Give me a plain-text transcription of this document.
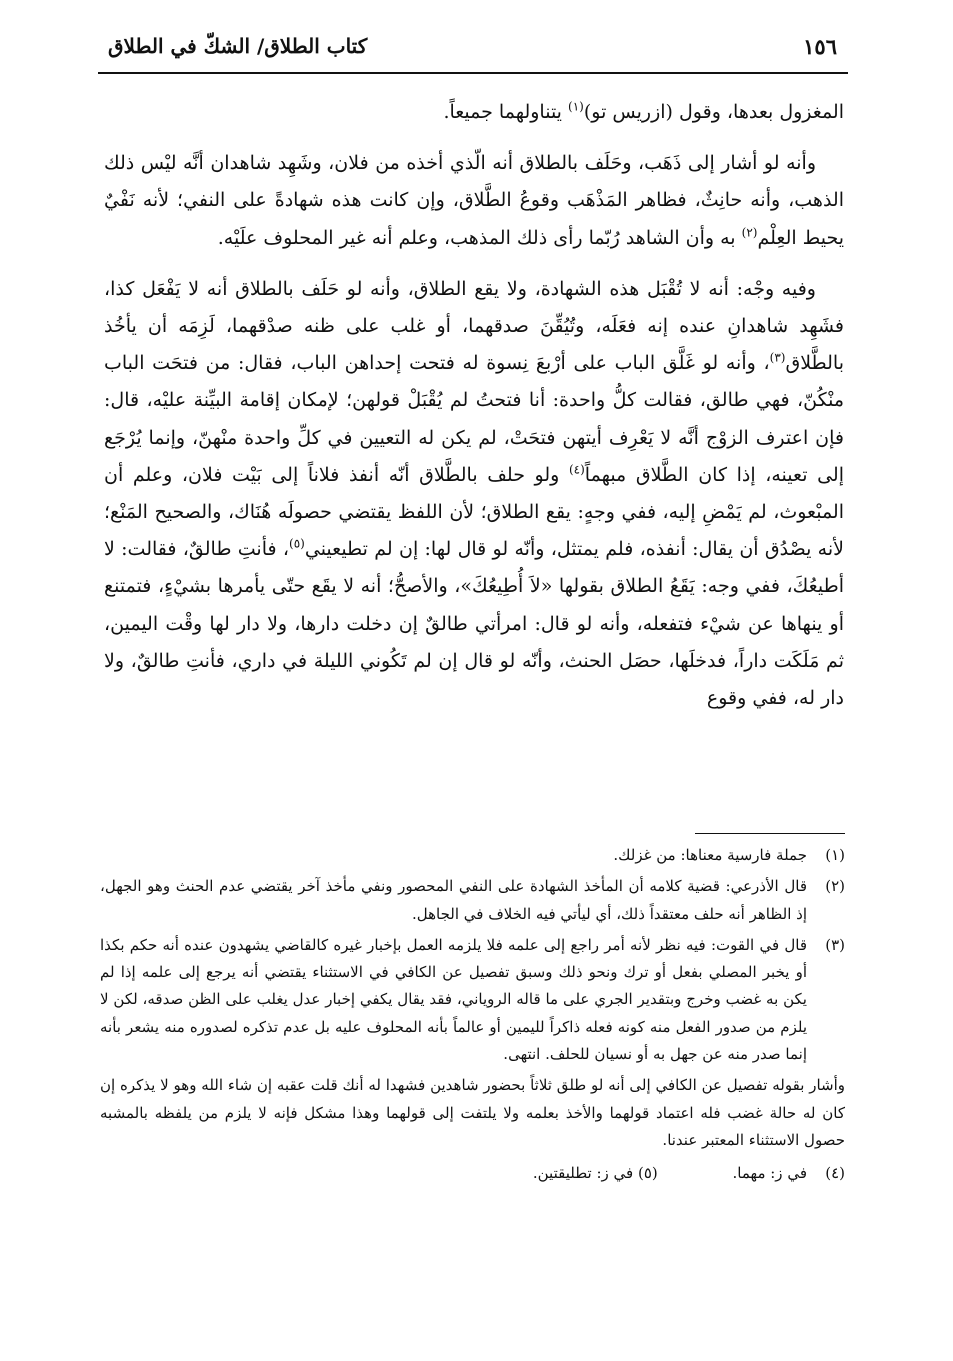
١٥٦
كتاب الطلاق/ الشكّ في الطلاق

المغزول بعدها، وقول (ازريس تو)$^{(١)}$ يتناولهما جميعاً.

وأنه لو أشار إلى ذَهَب، وحَلَف بالطلاق أنه الّذي أخذه من فلان، وشَهِد شاهدان أنَّه ليْس ذلك الذهب، وأنه حانِثٌ، فظاهر المَذْهَب وقوعُ الطَّلاق، وإن كانت هذه شهادةً على النفي؛ لأنه نَفْيٌ يحيط العِلْم$^{(٢)}$ به وأن الشاهد رُبّما رأى ذلك المذهب، وعلم أنه غير المحلوف علَيْه.

وفيه وجْه: أنه لا تُقْبَل هذه الشهادة، ولا يقع الطلاق، وأنه لو حَلَف بالطلاق أنه لا يَفْعَل كذا، فشَهِد شاهدانِ عنده إنه فعَلَه، وتُيُقِّنَ صدقهما، أو غلب على ظنه صدْقهما، لَزِمَه أن يأخُذ بالطَّلاق$^{(٣)}$، وأنه لو غَلَّق الباب على أرْبعَ نِسوة له فتحت إحداهن الباب، فقال: من فتحَت الباب منْكُنّ، فهي طالق، فقالت كلُّ واحدة: أنا فتحتُ لم يُقْبَلْ قولهن؛ لإمكان إقامة البيِّنة عليْه، قال: فإن اعترف الزوْج أنَّه لا يَعْرِف أيتهن فتحَتْ، لم يكن له التعيين في كلِّ واحدة منْهنّ، وإنما يُرْجَع إلى تعينه، إذا كان الطَّلاق مبهماً$^{(٤)}$ ولو حلف بالطَّلاق أنّه أنفذ فلاناً إلى بَيْت فلان، وعلم أن المبْعوث، لم يَمْضِ إليه، ففي وجهٍ: يقع الطلاق؛ لأن اللفظ يقتضي حصولَه هُنَاك، والصحيح المَنْع؛ لأنه يصْدُق أن يقال: أنفذه، فلم يمتثل، وأنّه لو قال لها: إن لم تطيعيني$^{(٥)}$، فأنتِ طالقٌ، فقالت: لا أطيعُكَ، ففي وجه: يَقَعُ الطلاق بقولها «لاَ أُطِيعُكَ»، والأصحُّ؛ أنه لا يقَع حتّى يأمرها بشيْءٍ، فتمتنع أو ينهاها عن شيْء فتفعله، وأنه لو قال: امرأتي طالقٌ إن دخلت دارها، ولا دار لها وقْت اليمين، ثم مَلَكَت داراً، فدخلَها، حصَل الحنث، وأنّه لو قال إن لم تَكُوني الليلة في داري، فأنتِ طالقٌ، ولا دار له، ففي وقوع

(١)
جملة فارسية معناها: من غزلك.
(٢)
قال الأذرعي: قضية كلامه أن المأخذ الشهادة على النفي المحصور ونفي مأخذ آخر يقتضي عدم الحنث وهو الجهل، إذ الظاهر أنه حلف معتقداً ذلك، أي ليأتي فيه الخلاف في الجاهل.
(٣)
قال في القوت: فيه نظر لأنه أمر راجع إلى علمه فلا يلزمه العمل بإخبار غيره كالقاضي يشهدون عنده أنه حكم بكذا أو يخبر المصلي بفعل أو ترك ونحو ذلك وسبق تفصيل عن الكافي في الاستثناء يقتضي أنه يرجع إلى علمه إذا لم يكن به غضب وخرج وبتقدير الجري على ما قاله الروياني، فقد يقال يكفي إخبار عدل يغلب على الظن صدقه، لكن لا يلزم من صدور الفعل منه كونه فعله ذاكراً لليمين أو عالماً بأنه المحلوف عليه بل عدم تذكره لصدوره منه يشعر بأنه إنما صدر منه عن جهل به أو نسيان للحلف. انتهى.
وأشار بقوله تفصيل عن الكافي إلى أنه لو طلق ثلاثاً بحضور شاهدين فشهدا له أنك قلت عقبه إن شاء الله وهو لا يذكره إن كان له حالة غضب فله اعتماد قولهما والأخذ بعلمه ولا يلتفت إلى قولهما وهذا مشكل فإنه لا يلزم من يلفظه بالمشبه حصول الاستثناء المعتبر عندنا.
(٤)
في ز: مهما. (٥) في ز: تطليقتين.
